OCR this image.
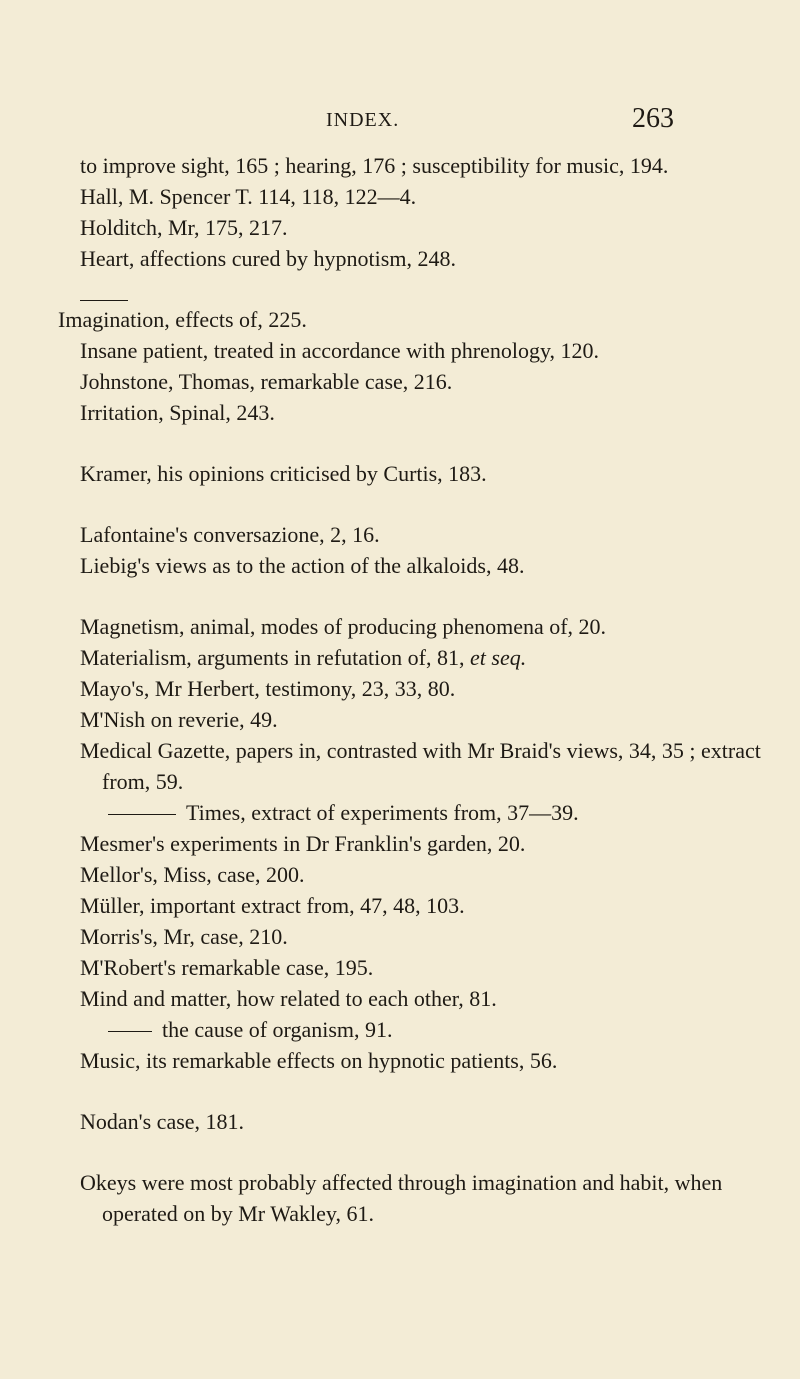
INDEX.	263
to improve sight, 165 ; hearing, 176 ; susceptibility for music, 194.
Hall, M. Spencer T. 114, 118, 122—4.
Holditch, Mr, 175, 217.
Heart, affections cured by hypnotism, 248.
Imagination, effects of, 225.
Insane patient, treated in accordance with phrenology, 120.
Johnstone, Thomas, remarkable case, 216.
Irritation, Spinal, 243.
Kramer, his opinions criticised by Curtis, 183.
Lafontaine's conversazione, 2, 16.
Liebig's views as to the action of the alkaloids, 48.
Magnetism, animal, modes of producing phenomena of, 20.
Materialism, arguments in refutation of, 81, et seq.
Mayo's, Mr Herbert, testimony, 23, 33, 80.
M'Nish on reverie, 49.
Medical Gazette, papers in, contrasted with Mr Braid's views, 34, 35 ; extract from, 59.
Times, extract of experiments from, 37—39.
Mesmer's experiments in Dr Franklin's garden, 20.
Mellor's, Miss, case, 200.
Müller, important extract from, 47, 48, 103.
Morris's, Mr, case, 210.
M'Robert's remarkable case, 195.
Mind and matter, how related to each other, 81.
the cause of organism, 91.
Music, its remarkable effects on hypnotic patients, 56.
Nodan's case, 181.
Okeys were most probably affected through imagination and habit, when operated on by Mr Wakley, 61.
